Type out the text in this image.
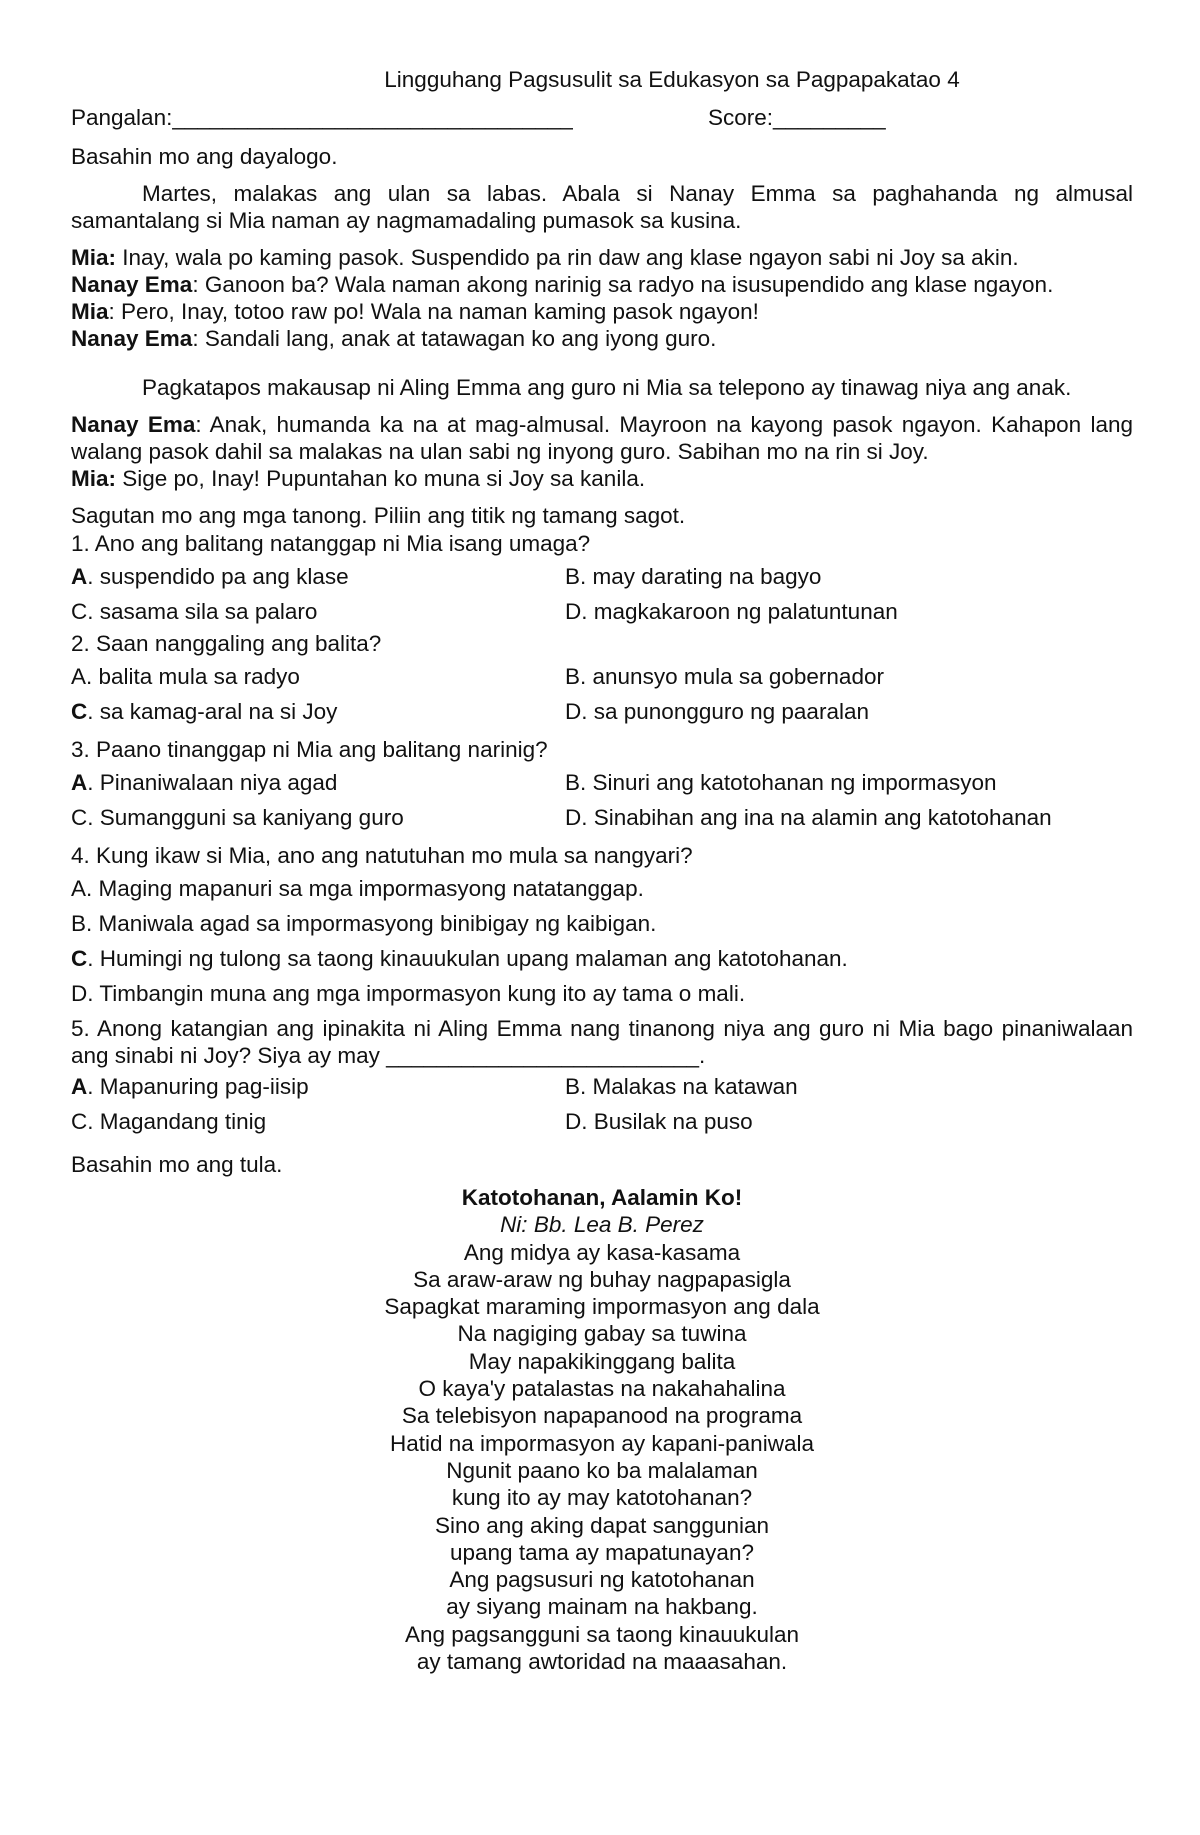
Lingguhang Pagsusulit sa Edukasyon sa Pagpapakatao 4
Pangalan:________________________________	Score:_________
Basahin mo ang dayalogo.
Martes, malakas ang ulan sa labas. Abala si Nanay Emma sa paghahanda ng almusal samantalang si Mia naman ay nagmamadaling pumasok sa kusina.
Mia: Inay, wala po kaming pasok. Suspendido pa rin daw ang klase ngayon sabi ni Joy sa akin.
Nanay Ema: Ganoon ba? Wala naman akong narinig sa radyo na isusupendido ang klase ngayon.
Mia: Pero, Inay, totoo raw po! Wala na naman kaming pasok ngayon!
Nanay Ema: Sandali lang, anak at tatawagan ko ang iyong guro.
Pagkatapos makausap ni Aling Emma ang guro ni Mia sa telepono ay tinawag niya ang anak.
Nanay Ema: Anak, humanda ka na at mag-almusal. Mayroon na kayong pasok ngayon. Kahapon lang walang pasok dahil sa malakas na ulan sabi ng inyong guro. Sabihan mo na rin si Joy.
Mia: Sige po, Inay! Pupuntahan ko muna si Joy sa kanila.
Sagutan mo ang mga tanong. Piliin ang titik ng tamang sagot.
1. Ano ang balitang natanggap ni Mia isang umaga?
A. suspendido pa ang klase	B. may darating na bagyo
C. sasama sila sa palaro	D. magkakaroon ng palatuntunan
2. Saan nanggaling ang balita?
A. balita mula sa radyo	B. anunsyo mula sa gobernador
C. sa kamag-aral na si Joy	D. sa punongguro ng paaralan
3. Paano tinanggap ni Mia ang balitang narinig?
A. Pinaniwalaan niya agad	B. Sinuri ang katotohanan ng impormasyon
C. Sumangguni sa kaniyang guro	D. Sinabihan ang ina na alamin ang katotohanan
4. Kung ikaw si Mia, ano ang natutuhan mo mula sa nangyari?
A. Maging mapanuri sa mga impormasyong natatanggap.
B. Maniwala agad sa impormasyong binibigay ng kaibigan.
C. Humingi ng tulong sa taong kinauukulan upang malaman ang katotohanan.
D. Timbangin muna ang mga impormasyon kung ito ay tama o mali.
5. Anong katangian ang ipinakita ni Aling Emma nang tinanong niya ang guro ni Mia bago pinaniwalaan ang sinabi ni Joy? Siya ay may _________________________.
A. Mapanuring pag-iisip	B. Malakas na katawan
C. Magandang tinig	D. Busilak na puso
Basahin mo ang tula.
Katotohanan, Aalamin Ko!
Ni: Bb. Lea B. Perez
Ang midya ay kasa-kasama
Sa araw-araw ng buhay nagpapasigla
Sapagkat maraming impormasyon ang dala
Na nagiging gabay sa tuwina
May napakikinggang balita
O kaya'y patalastas na nakahahalina
Sa telebisyon napapanood na programa
Hatid na impormasyon ay kapani-paniwala
Ngunit paano ko ba malalaman
kung ito ay may katotohanan?
Sino ang aking dapat sanggunian
upang tama ay mapatunayan?
Ang pagsusuri ng katotohanan
ay siyang mainam na hakbang.
Ang pagsangguni sa taong kinauukulan
ay tamang awtoridad na maaasahan.
